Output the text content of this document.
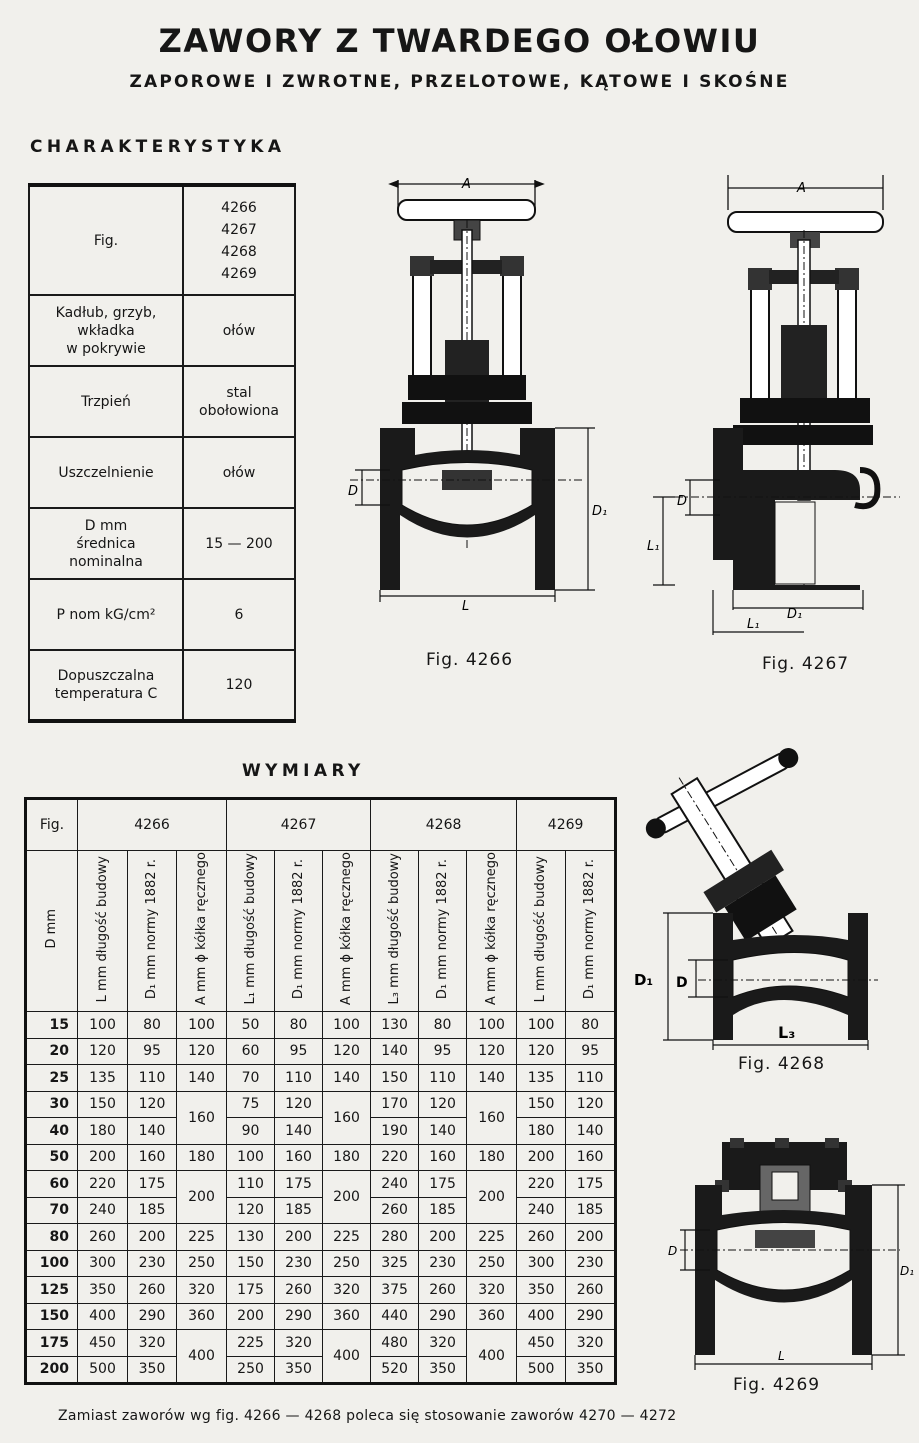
ZAWORY Z TWARDEGO OŁOWIU
ZAPOROWE I ZWROTNE, PRZELOTOWE, KĄTOWE I SKOŚNE
CHARAKTERYSTYKA
Fig.	4266
4267
4268
4269
Kadłub, grzyb,
wkładka
w pokrywie	ołów
Trzpień	stal
obołowiona
Uszczelnienie	ołów
D mm
średnica
nominalna	15 — 200
P nom kG/cm²	6
Dopuszczalna
temperatura C	120
A
D
D₁
L
Fig. 4266
A
D
L₁
D₁
L₁
Fig. 4267
WYMIARY
Fig.	4266			4267			4268			4269	
D mm	L mm długość budowy	D₁ mm normy 1882 r.	A mm ϕ kółka ręcznego	L₁ mm długość budowy	D₁ mm normy 1882 r.	A mm ϕ kółka ręcznego	L₃ mm długość budowy	D₁ mm normy 1882 r.	A mm ϕ kółka ręcznego	L mm długość budowy	D₁ mm normy 1882 r.
15	100	80	100	50	80	100	130	80	100	100	80
20	120	95	120	60	95	120	140	95	120	120	95
25	135	110	140	70	110	140	150	110	140	135	110
30	150	120	160	75	120	160	170	120	160	150	120
40	180	140		90	140		190	140		180	140
50	200	160	180	100	160	180	220	160	180	200	160
60	220	175	200	110	175	200	240	175	200	220	175
70	240	185		120	185		260	185		240	185
80	260	200	225	130	200	225	280	200	225	260	200
100	300	230	250	150	230	250	325	230	250	300	230
125	350	260	320	175	260	320	375	260	320	350	260
150	400	290	360	200	290	360	440	290	360	400	290
175	450	320	400	225	320	400	480	320	400	450	320
200	500	350		250	350		520	350		500	350
D₁ D
L₃
Fig. 4268
D
D₁
L
Fig. 4269
Zamiast zaworów wg fig. 4266 — 4268 poleca się stosowanie zaworów 4270 — 4272
